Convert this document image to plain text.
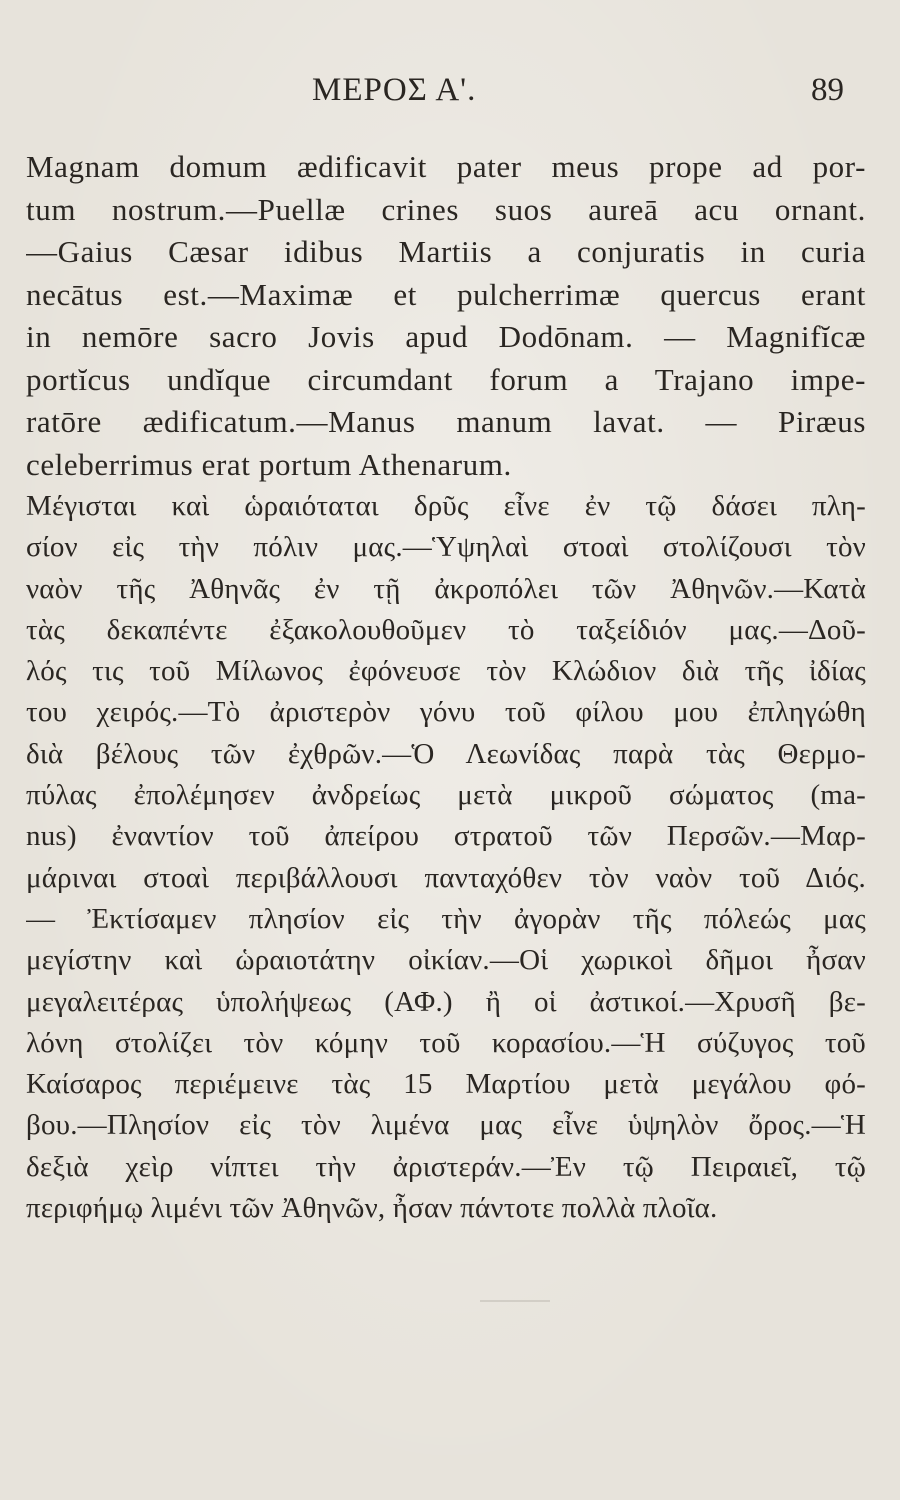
ΜΕΡΟΣ Α'.	89
Magnam domum ædificavit pater meus prope ad por-
tum nostrum.—Puellæ crines suos aureā acu ornant.
—Gaius Cæsar idibus Martiis a conjuratis in curia
necātus est.—Maximæ et pulcherrimæ quercus erant
in nemōre sacro Jovis apud Dodōnam. — Magnifĭcæ
portĭcus undĭque circumdant forum a Trajano impe-
ratōre ædificatum.—Manus manum lavat. — Piræus
celeberrimus erat portum Athenarum.
Μέγισται καὶ ὡραιόταται δρῦς εἶνε ἐν τῷ δάσει πλη-
σίον εἰς τὴν πόλιν μας.—Ὑψηλαὶ στοαὶ στολίζουσι τὸν
ναὸν τῆς Ἀθηνᾶς ἐν τῇ ἀκροπόλει τῶν Ἀθηνῶν.—Κατὰ
τὰς δεκαπέντε ἐξακολουθοῦμεν τὸ ταξείδιόν μας.—Δοῦ-
λός τις τοῦ Μίλωνος ἐφόνευσε τὸν Κλώδιον διὰ τῆς ἰδίας
του χειρός.—Τὸ ἀριστερὸν γόνυ τοῦ φίλου μου ἐπληγώθη
διὰ βέλους τῶν ἐχθρῶν.—Ὁ Λεωνίδας παρὰ τὰς Θερμο-
πύλας ἐπολέμησεν ἀνδρείως μετὰ μικροῦ σώματος (ma-
nus) ἐναντίον τοῦ ἀπείρου στρατοῦ τῶν Περσῶν.—Μαρ-
μάριναι στοαὶ περιβάλλουσι πανταχόθεν τὸν ναὸν τοῦ Διός.
— Ἐκτίσαμεν πλησίον εἰς τὴν ἀγορὰν τῆς πόλεώς μας
μεγίστην καὶ ὡραιοτάτην οἰκίαν.—Οἱ χωρικοὶ δῆμοι ἦσαν
μεγαλειτέρας ὑπολήψεως (ΑΦ.) ἢ οἱ ἀστικοί.—Χρυσῆ βε-
λόνη στολίζει τὸν κόμην τοῦ κορασίου.—Ἡ σύζυγος τοῦ
Καίσαρος περιέμεινε τὰς 15 Μαρτίου μετὰ μεγάλου φό-
βου.—Πλησίον εἰς τὸν λιμένα μας εἶνε ὑψηλὸν ὄρος.—Ἡ
δεξιὰ χεὶρ νίπτει τὴν ἀριστεράν.—Ἐν τῷ Πειραιεῖ, τῷ
περιφήμῳ λιμένι τῶν Ἀθηνῶν, ἦσαν πάντοτε πολλὰ πλοῖα.
